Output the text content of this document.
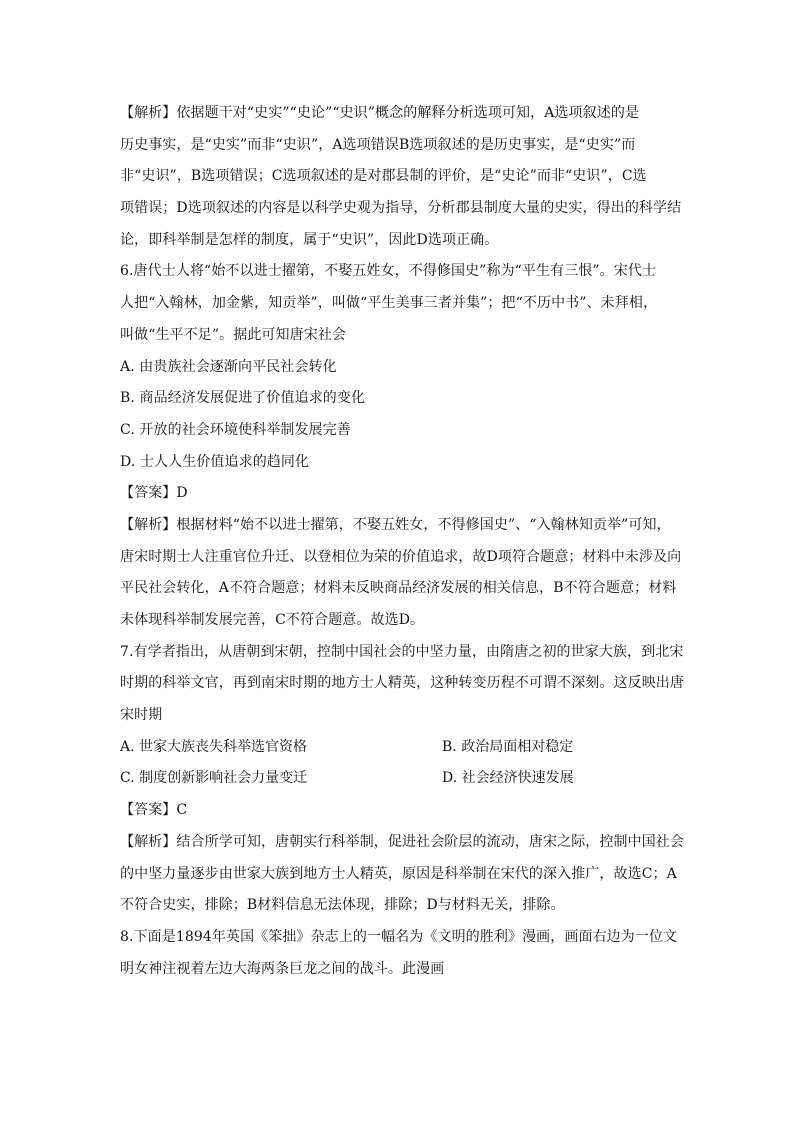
【解析】依据题干对“史实”“史论”“史识”概念的解释分析选项可知，A选项叙述的是
历史事实，是“史实”而非“史识”，A选项错误B选项叙述的是历史事实，是“史实”而
非“史识”，B选项错误；C选项叙述的是对郡县制的评价，是“史论”而非“史识”，C选
项错误；D选项叙述的内容是以科学史观为指导，分析郡县制度大量的史实，得出的科学结
论，即科举制是怎样的制度，属于“史识”，因此D选项正确。
6.唐代士人将“始不以进士擢第，不娶五姓女，不得修国史”称为“平生有三恨”。宋代士
人把“入翰林，加金紫，知贡举”，叫做“平生美事三者并集”；把“不历中书”、未拜相，
叫做“生平不足”。据此可知唐宋社会
A. 由贵族社会逐渐向平民社会转化
B. 商品经济发展促进了价值追求的变化
C. 开放的社会环境使科举制发展完善
D. 士人人生价值追求的趋同化
【答案】D
【解析】根据材料“始不以进士擢第，不娶五姓女，不得修国史”、“入翰林知贡举”可知，
唐宋时期士人注重官位升迁、以登相位为荣的价值追求，故D项符合题意；材料中未涉及向
平民社会转化，A不符合题意；材料未反映商品经济发展的相关信息，B不符合题意；材料
未体现科举制发展完善，C不符合题意。故选D。
7.有学者指出，从唐朝到宋朝，控制中国社会的中坚力量，由隋唐之初的世家大族，到北宋
时期的科举文官，再到南宋时期的地方士人精英，这种转变历程不可谓不深刻。这反映出唐
宋时期
A. 世家大族丧失科举选官资格	B. 政治局面相对稳定
C. 制度创新影响社会力量变迁	D. 社会经济快速发展
【答案】C
【解析】结合所学可知，唐朝实行科举制，促进社会阶层的流动，唐宋之际，控制中国社会
的中坚力量逐步由世家大族到地方士人精英，原因是科举制在宋代的深入推广，故选C；A
不符合史实，排除；B材料信息无法体现，排除；D与材料无关，排除。
8.下面是1894年英国《笨拙》杂志上的一幅名为《文明的胜利》漫画，画面右边为一位文
明女神注视着左边大海两条巨龙之间的战斗。此漫画
